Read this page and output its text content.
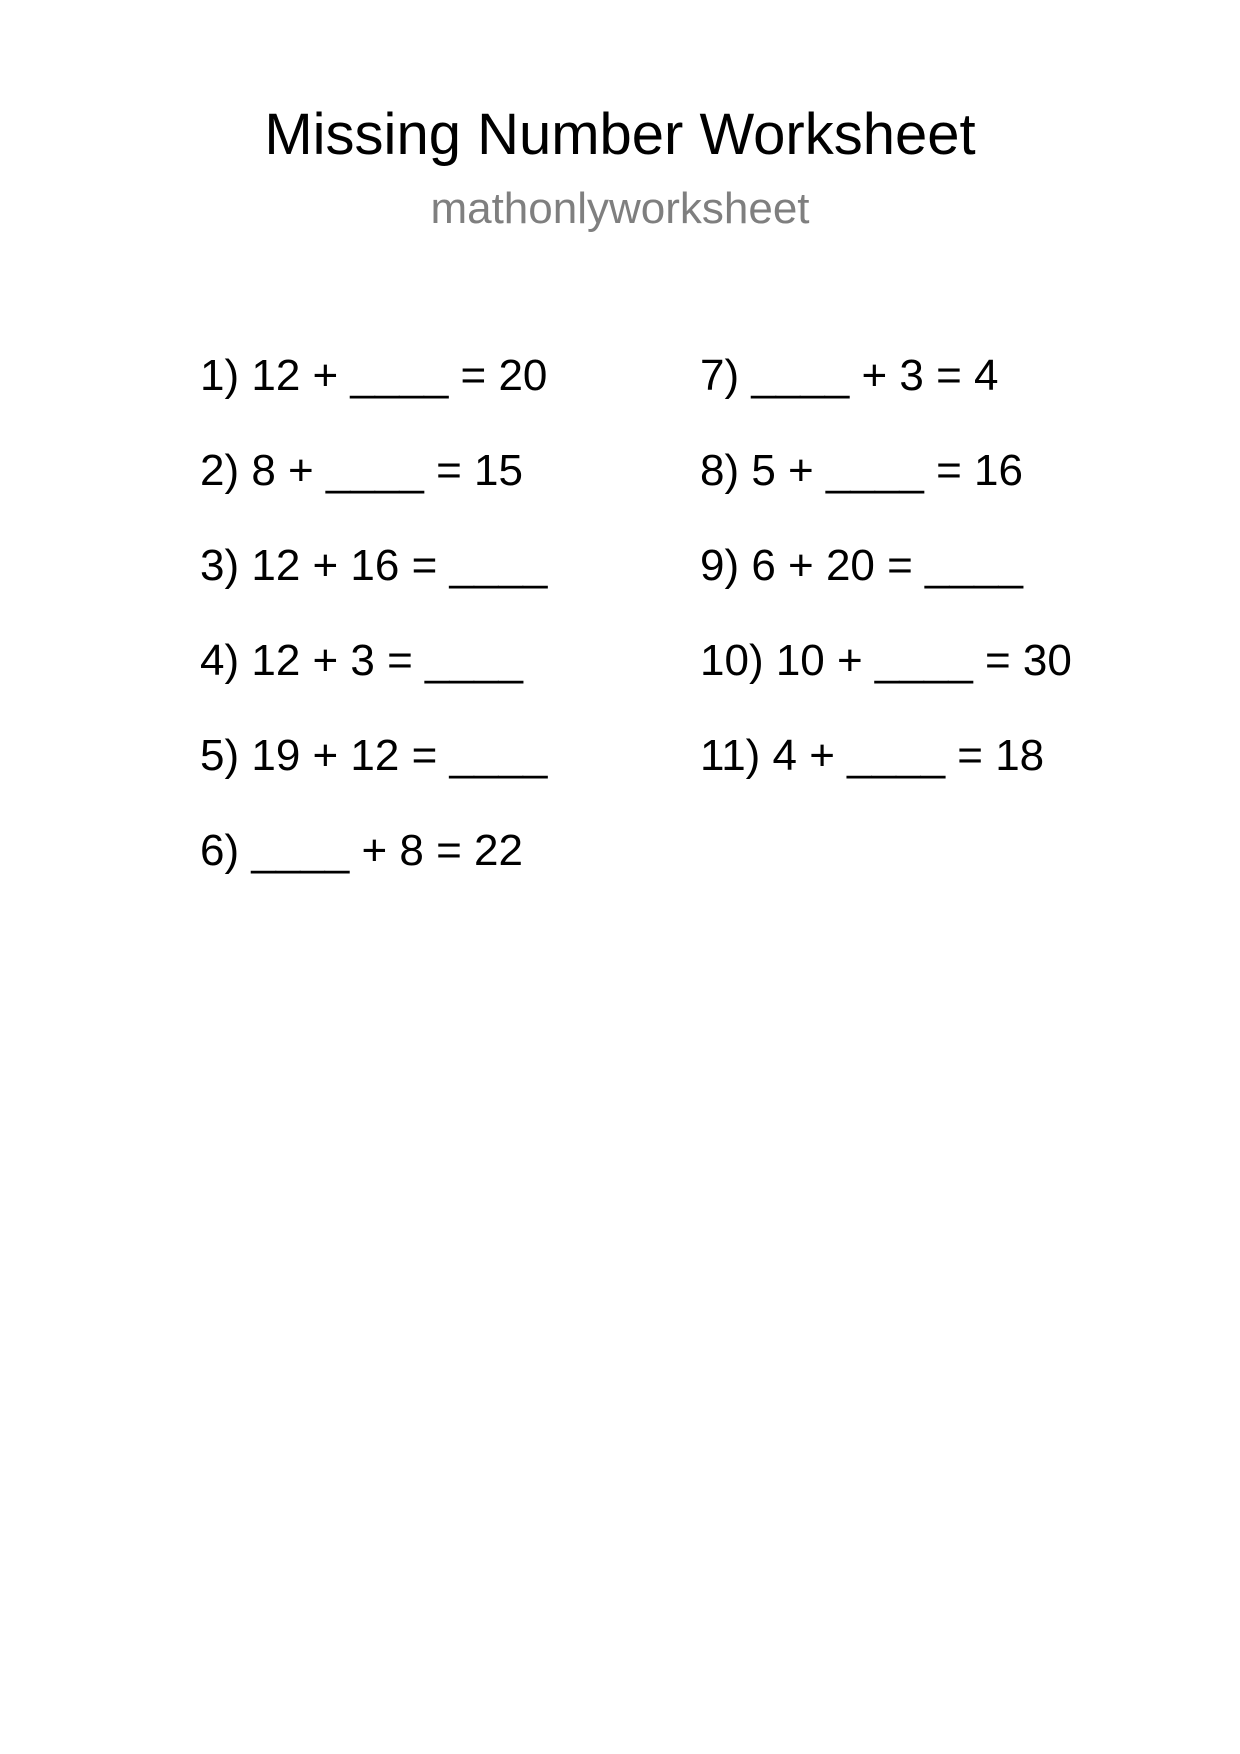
Missing Number Worksheet
mathonlyworksheet
1) 12 + ____ = 20
2) 8 + ____ = 15
3) 12 + 16 = ____
4) 12 + 3 = ____
5) 19 + 12 = ____
6) ____ + 8 = 22
7) ____ + 3 = 4
8) 5 + ____ = 16
9) 6 + 20 = ____
10) 10 + ____ = 30
11) 4 + ____ = 18
